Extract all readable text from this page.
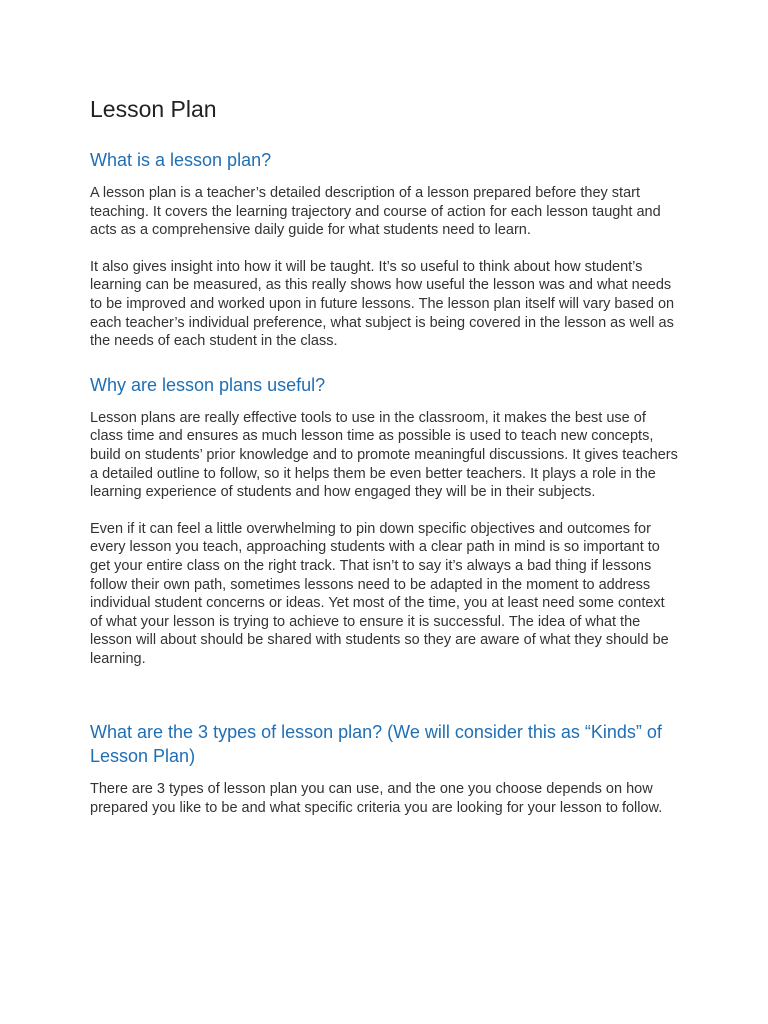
Lesson Plan
What is a lesson plan?

A lesson plan is a teacher’s detailed description of a lesson prepared before they start teaching. It covers the learning trajectory and course of action for each lesson taught and acts as a comprehensive daily guide for what students need to learn.

It also gives insight into how it will be taught. It’s so useful to think about how student’s learning can be measured, as this really shows how useful the lesson was and what needs to be improved and worked upon in future lessons. The lesson plan itself will vary based on each teacher’s individual preference, what subject is being covered in the lesson as well as the needs of each student in the class.

Why are lesson plans useful?

Lesson plans are really effective tools to use in the classroom, it makes the best use of class time and ensures as much lesson time as possible is used to teach new concepts, build on students’ prior knowledge and to promote meaningful discussions. It gives teachers a detailed outline to follow, so it helps them be even better teachers. It plays a role in the learning experience of students and how engaged they will be in their subjects.

Even if it can feel a little overwhelming to pin down specific objectives and outcomes for every lesson you teach, approaching students with a clear path in mind is so important to get your entire class on the right track. That isn’t to say it’s always a bad thing if lessons follow their own path, sometimes lessons need to be adapted in the moment to address individual student concerns or ideas. Yet most of the time, you at least need some context of what your lesson is trying to achieve to ensure it is successful. The idea of what the lesson will about should be shared with students so they are aware of what they should be learning.

What are the 3 types of lesson plan? (We will consider this as “Kinds” of Lesson Plan)

There are 3 types of lesson plan you can use, and the one you choose depends on how prepared you like to be and what specific criteria you are looking for your lesson to follow.
